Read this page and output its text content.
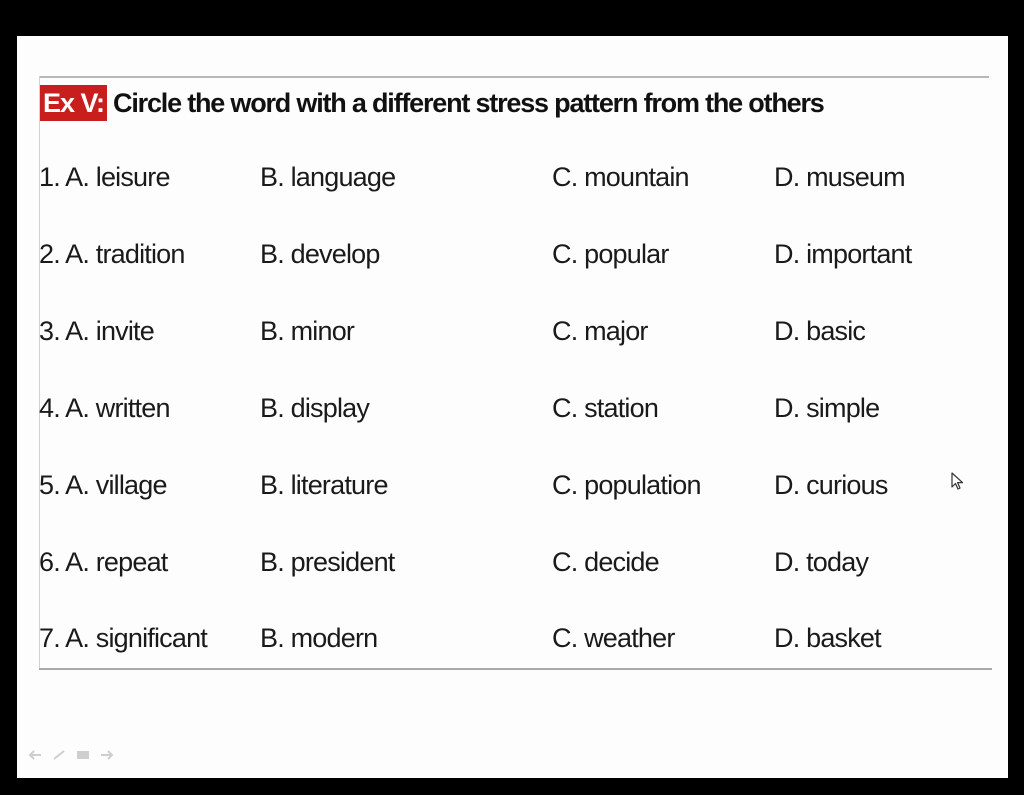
Ex V: Circle the word with a different stress pattern from the others
1. A. leisure	B. language	C. mountain	D. museum
2. A. tradition	B. develop	C. popular	D. important
3. A. invite	B. minor	C. major	D. basic
4. A. written	B. display	C. station	D. simple
5. A. village	B. literature	C. population	D. curious
6. A. repeat	B. president	C. decide	D. today
7. A. significant B. modern	C. weather	D. basket
